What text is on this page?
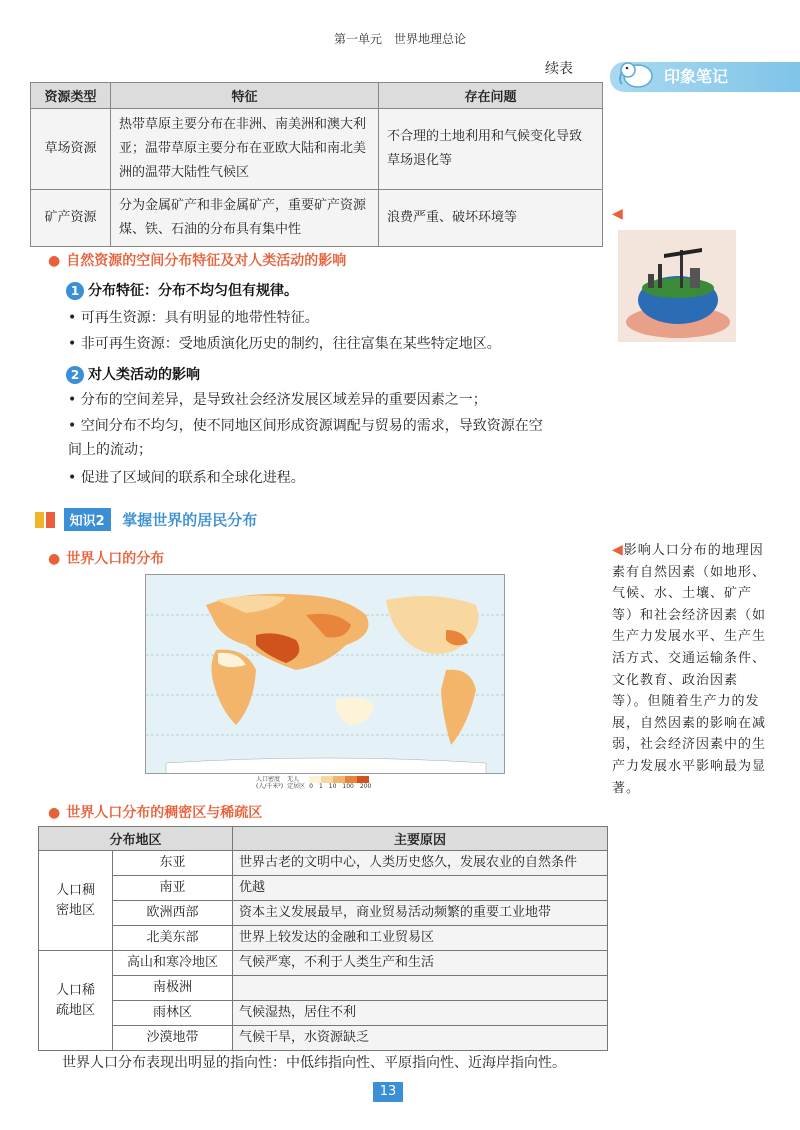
第一单元　世界地理总论
续表	印象笔记
资源类型	特征	存在问题
草场资源	热带草原主要分布在非洲、南美洲和澳大利亚；温带草原主要分布在亚欧大陆和南北美洲的温带大陆性气候区	不合理的土地利用和气候变化导致草场退化等
矿产资源	分为金属矿产和非金属矿产，重要矿产资源煤、铁、石油的分布具有集中性	浪费严重、破坏环境等	◀
● 自然资源的空间分布特征及对人类活动的影响
1 分布特征：分布不均匀但有规律。
• 可再生资源：具有明显的地带性特征。
• 非可再生资源：受地质演化历史的制约，往往富集在某些特定地区。
2 对人类活动的影响
• 分布的空间差异，是导致社会经济发展区域差异的重要因素之一；
• 空间分布不均匀，使不同地区间形成资源调配与贸易的需求，导致资源在空
间上的流动；
• 促进了区域间的联系和全球化进程。
知识2 掌握世界的居民分布
● 世界人口的分布
人口密度
(人/千米²)
无人
定居区 0 1 10 100 200
● 世界人口分布的稠密区与稀疏区
分布地区		主要原因

人口稠
密地区	东亚	世界古老的文明中心，人类历史悠久，发展农业的自然条件
	南亚	优越
	欧洲西部	资本主义发展最早，商业贸易活动频繁的重要工业地带
	北美东部	世界上较发达的金融和工业贸易区

人口稀
疏地区	高山和寒冷地区	气候严寒，不利于人类生产和生活
	南极洲	
	雨林区	气候湿热，居住不利
	沙漠地带	气候干旱，水资源缺乏
◀影响人口分布的地理因素有自然因素（如地形、气候、水、土壤、矿产等）和社会经济因素（如生产力发展水平、生产生活方式、交通运输条件、文化教育、政治因素等）。但随着生产力的发展，自然因素的影响在减弱，社会经济因素中的生产力发展水平影响最为显著。
世界人口分布表现出明显的指向性：中低纬指向性、平原指向性、近海岸指向性。
13
